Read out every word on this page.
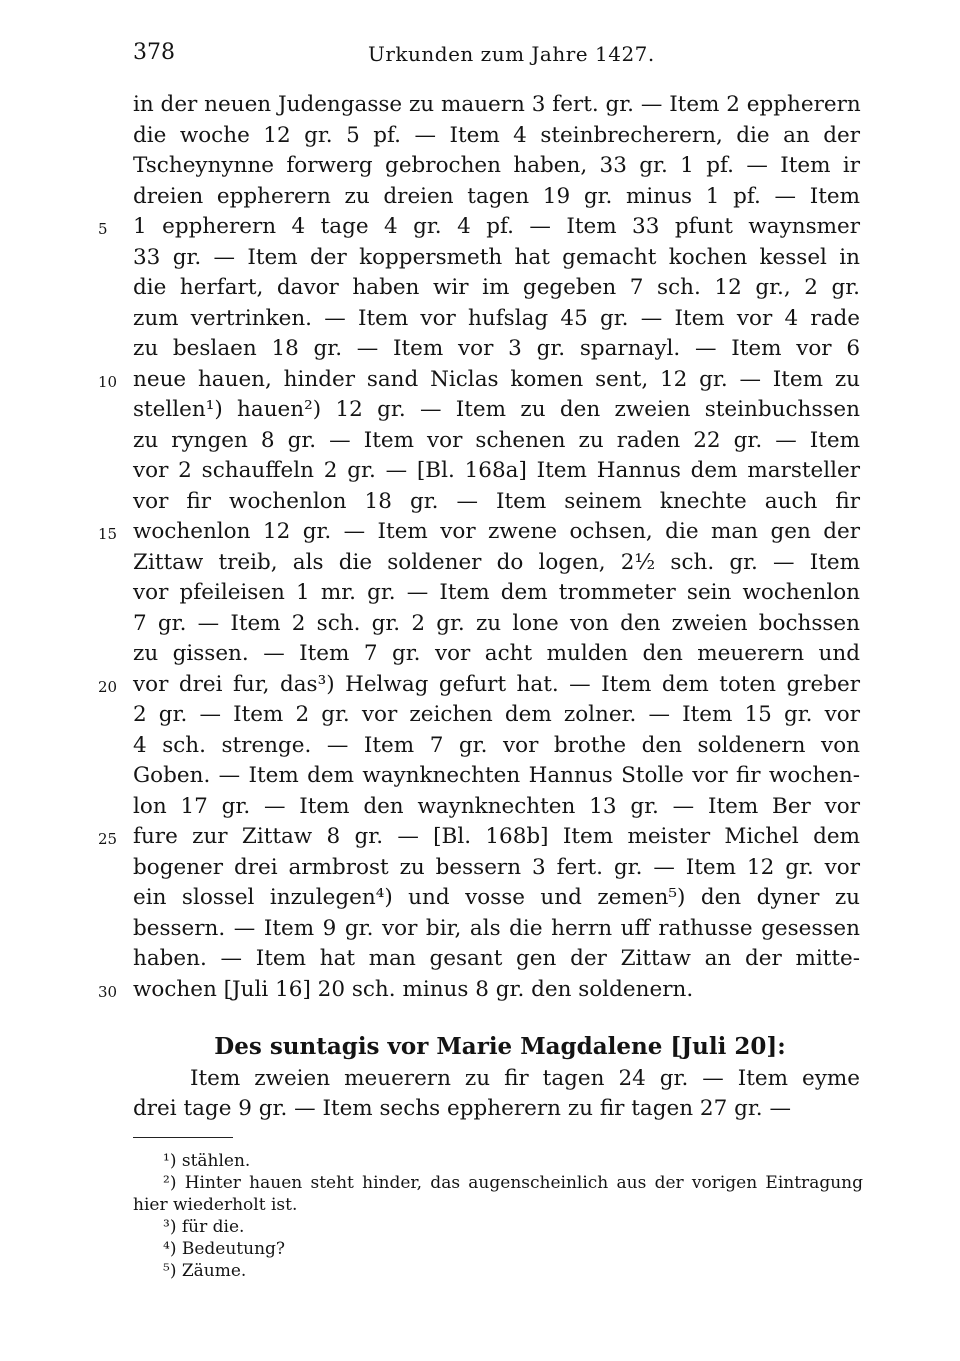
378	Urkunden zum Jahre 1427.
in der neuen Judengasse zu mauern 3 fert. gr. — Item 2 eppherern
die woche 12 gr. 5 pf. — Item 4 steinbrecherern, die an der
Tscheynynne forwerg gebrochen haben, 33 gr. 1 pf. — Item ir
dreien eppherern zu dreien tagen 19 gr. minus 1 pf. — Item
5 1 eppherern 4 tage 4 gr. 4 pf. — Item 33 pfunt waynsmer
33 gr. — Item der koppersmeth hat gemacht kochen kessel in
die herfart, davor haben wir im gegeben 7 sch. 12 gr., 2 gr.
zum vertrinken. — Item vor hufslag 45 gr. — Item vor 4 rade
zu beslaen 18 gr. — Item vor 3 gr. sparnayl. — Item vor 6
10 neue hauen, hinder sand Niclas komen sent, 12 gr. — Item zu
stellen¹) hauen²) 12 gr. — Item zu den zweien steinbuchssen
zu ryngen 8 gr. — Item vor schenen zu raden 22 gr. — Item
vor 2 schauffeln 2 gr. — [Bl. 168a] Item Hannus dem marsteller
vor fir wochenlon 18 gr. — Item seinem knechte auch fir
15 wochenlon 12 gr. — Item vor zwene ochsen, die man gen der
Zittaw treib, als die soldener do logen, 2½ sch. gr. — Item
vor pfeileisen 1 mr. gr. — Item dem trommeter sein wochenlon
7 gr. — Item 2 sch. gr. 2 gr. zu lone von den zweien bochssen
zu gissen. — Item 7 gr. vor acht mulden den meuerern und
20 vor drei fur, das³) Helwag gefurt hat. — Item dem toten greber
2 gr. — Item 2 gr. vor zeichen dem zolner. — Item 15 gr. vor
4 sch. strenge. — Item 7 gr. vor brothe den soldenern von
Goben. — Item dem waynknechten Hannus Stolle vor fir wochen-
lon 17 gr. — Item den waynknechten 13 gr. — Item Ber vor
25 fure zur Zittaw 8 gr. — [Bl. 168b] Item meister Michel dem
bogener drei armbrost zu bessern 3 fert. gr. — Item 12 gr. vor
ein slossel inzulegen⁴) und vosse und zemen⁵) den dyner zu
bessern. — Item 9 gr. vor bir, als die herrn uff rathusse gesessen
haben. — Item hat man gesant gen der Zittaw an der mitte-
30 wochen [Juli 16] 20 sch. minus 8 gr. den soldenern.
Des suntagis vor Marie Magdalene [Juli 20]:
Item zweien meuerern zu fir tagen 24 gr. — Item eyme
drei tage 9 gr. — Item sechs eppherern zu fir tagen 27 gr. —
¹) stählen.
²) Hinter hauen steht hinder, das augenscheinlich aus der vorigen Eintragung
hier wiederholt ist.
³) für die.
⁴) Bedeutung?
⁵) Zäume.
